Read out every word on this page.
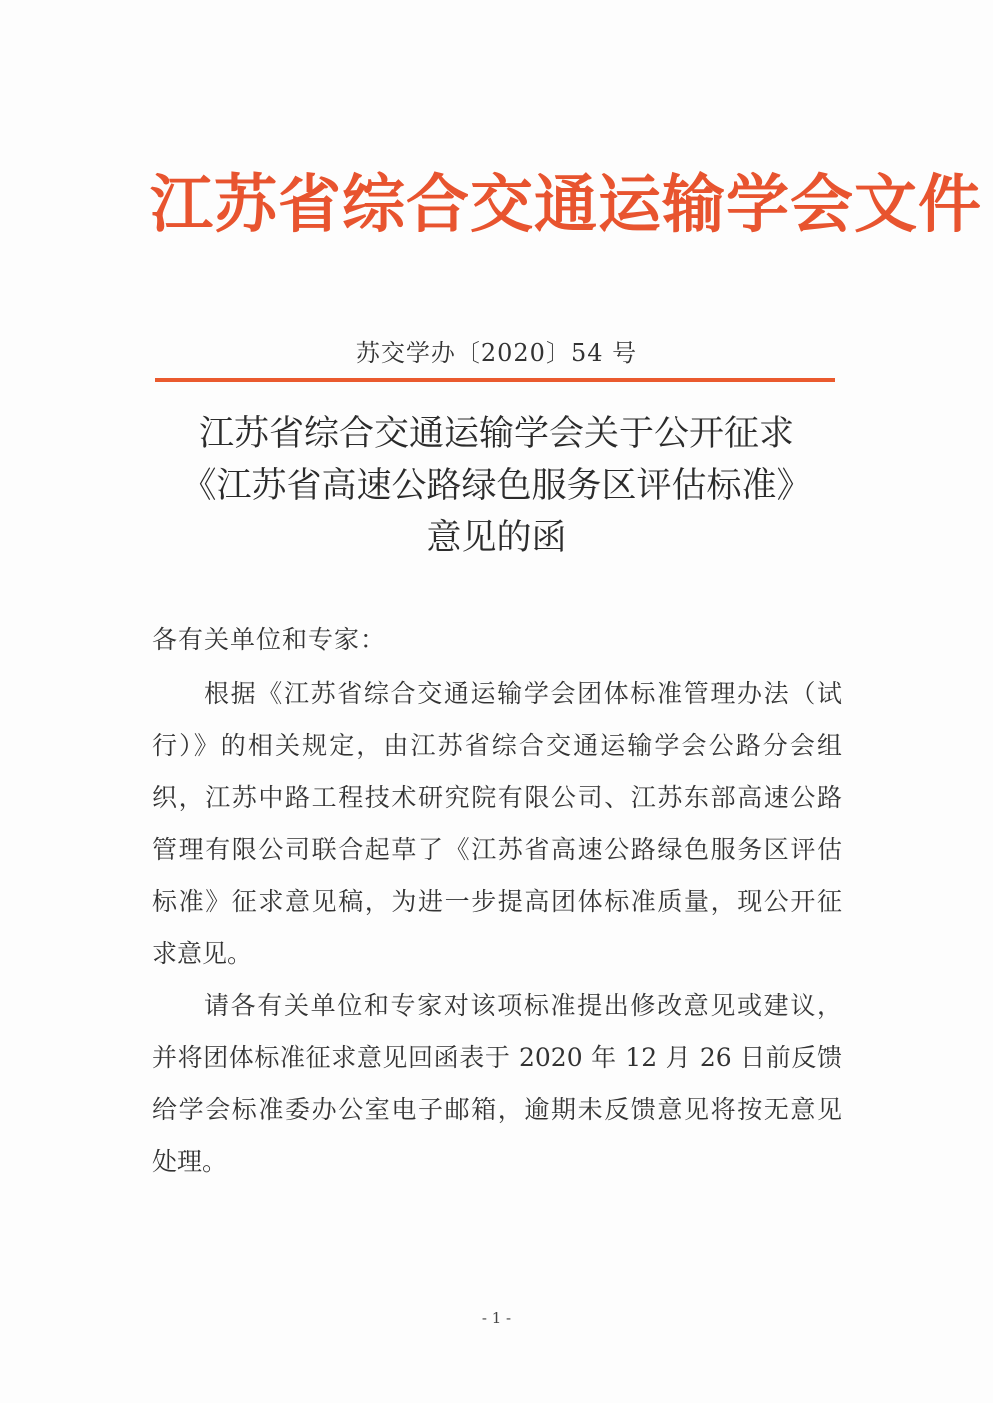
江苏省综合交通运输学会文件
苏交学办〔2020〕54 号
江苏省综合交通运输学会关于公开征求
《江苏省高速公路绿色服务区评估标准》
意见的函
各有关单位和专家：
根据《江苏省综合交通运输学会团体标准管理办法（试
行）》的相关规定，由江苏省综合交通运输学会公路分会组
织，江苏中路工程技术研究院有限公司、江苏东部高速公路
管理有限公司联合起草了《江苏省高速公路绿色服务区评估
标准》征求意见稿，为进一步提高团体标准质量，现公开征
求意见。
请各有关单位和专家对该项标准提出修改意见或建议，
并将团体标准征求意见回函表于 2020 年 12 月 26 日前反馈
给学会标准委办公室电子邮箱，逾期未反馈意见将按无意见
处理。
- 1 -
